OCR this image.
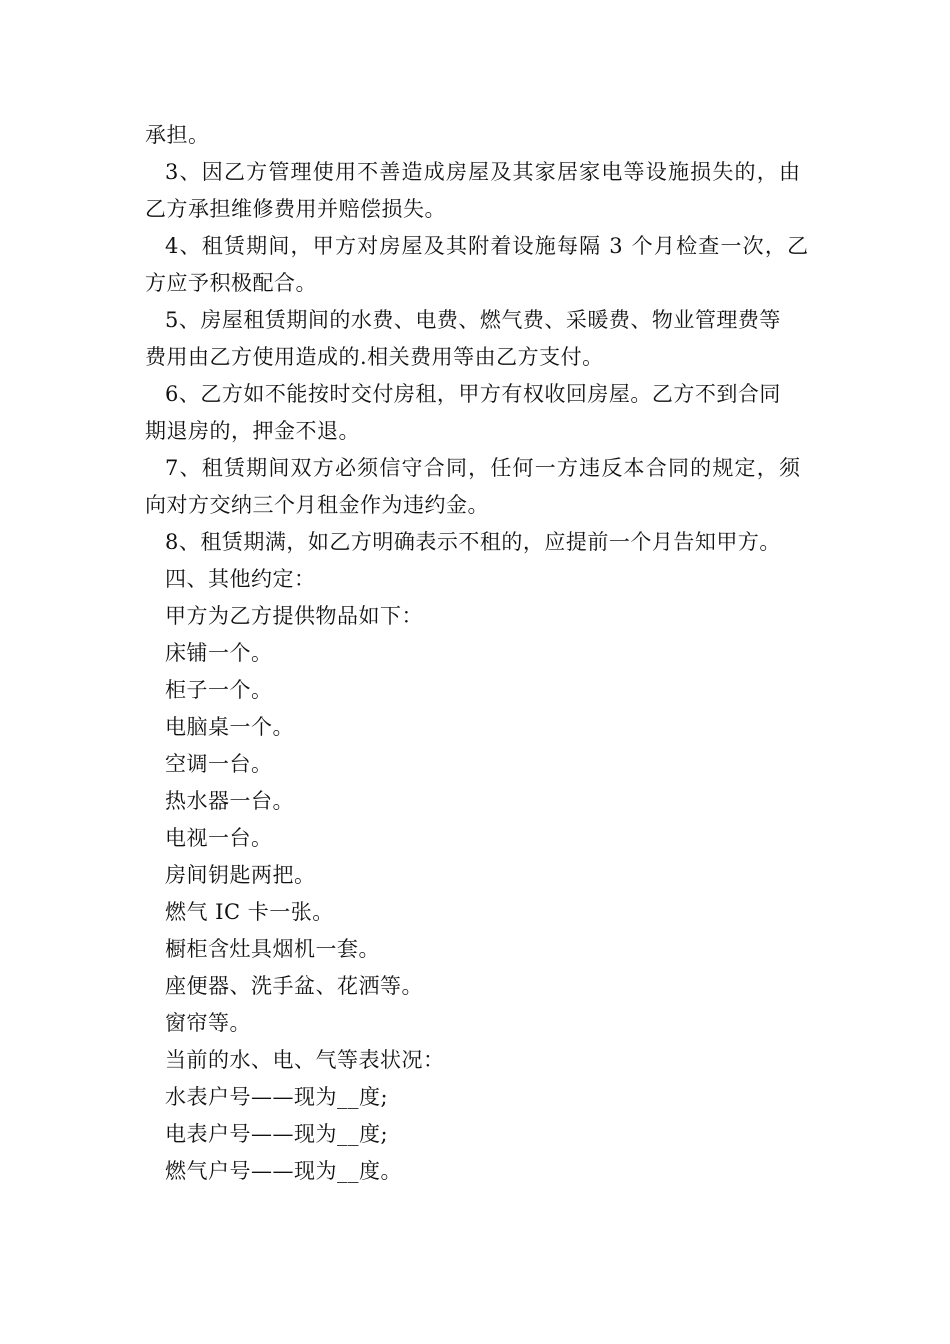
承担。
3、因乙方管理使用不善造成房屋及其家居家电等设施损失的，由
乙方承担维修费用并赔偿损失。
4、租赁期间，甲方对房屋及其附着设施每隔 3 个月检查一次，乙
方应予积极配合。
5、房屋租赁期间的水费、电费、燃气费、采暖费、物业管理费等
费用由乙方使用造成的.相关费用等由乙方支付。
6、乙方如不能按时交付房租，甲方有权收回房屋。乙方不到合同
期退房的，押金不退。
7、租赁期间双方必须信守合同，任何一方违反本合同的规定，须
向对方交纳三个月租金作为违约金。
8、租赁期满，如乙方明确表示不租的，应提前一个月告知甲方。
四、其他约定：
甲方为乙方提供物品如下：
床铺一个。
柜子一个。
电脑桌一个。
空调一台。
热水器一台。
电视一台。
房间钥匙两把。
燃气 IC 卡一张。
橱柜含灶具烟机一套。
座便器、洗手盆、花洒等。
窗帘等。
当前的水、电、气等表状况：
水表户号——现为__度;
电表户号——现为__度;
燃气户号——现为__度。
